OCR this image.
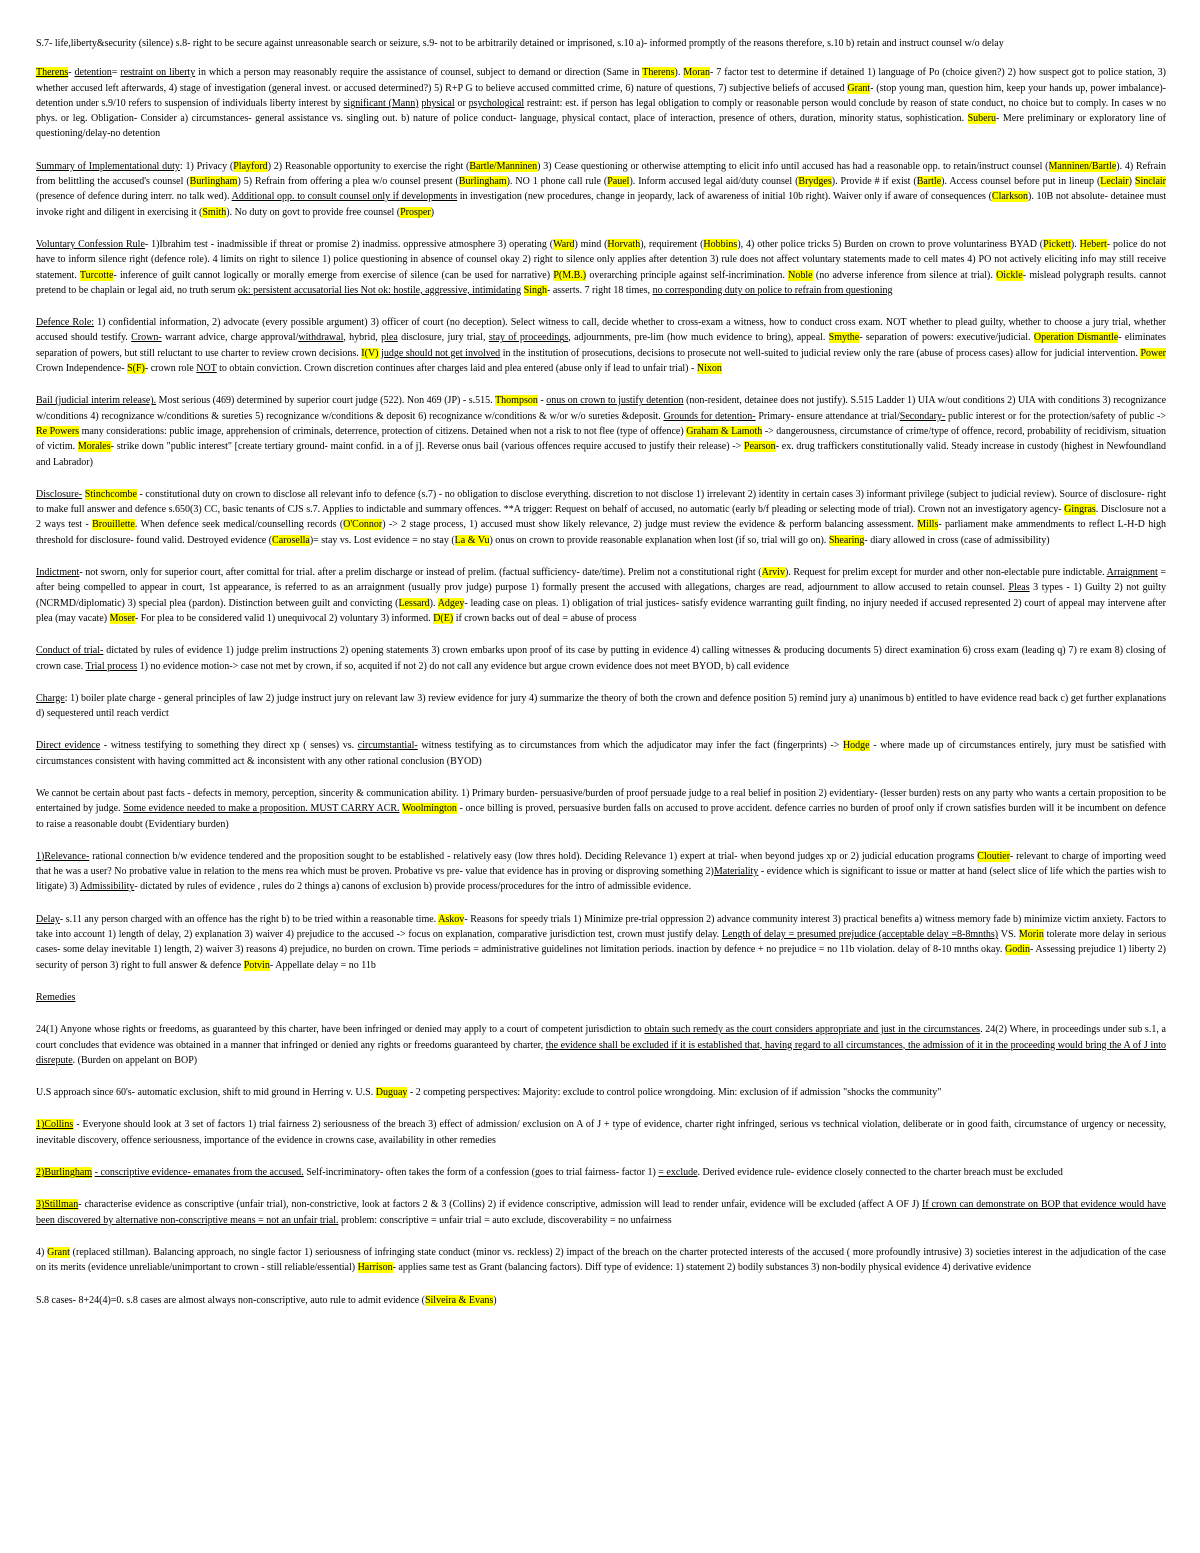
S.7- life,liberty&security (silence) s.8- right to be secure against unreasonable search or seizure, s.9- not to be arbitrarily detained or imprisoned, s.10 a)- informed promptly of the reasons therefore, s.10 b) retain and instruct counsel w/o delay

Therens- detention= restraint on liberty in which a person may reasonably require the assistance of counsel, subject to demand or direction (Same in Therens). Moran- 7 factor test to determine if detained 1) language of Po (choice given?) 2) how suspect got to police station, 3) whether accused left afterwards, 4) stage of investigation (general invest. or accused determined?) 5) R+P G to believe accused committed crime, 6) nature of questions, 7) subjective beliefs of accused Grant- (stop young man, question him, keep your hands up, power imbalance)- detention under s.9/10 refers to suspension of individuals liberty interest by significant (Mann) physical or psychological restraint: est. if person has legal obligation to comply or reasonable person would conclude by reason of state conduct, no choice but to comply. In cases w no phys. or leg. Obligation- Consider a) circumstances- general assistance vs. singling out. b) nature of police conduct- language, physical contact, place of interaction, presence of others, duration, minority status, sophistication. Suberu- Mere preliminary or exploratory line of questioning/delay-no detention

Summary of Implementational duty: 1) Privacy (Playford) 2) Reasonable opportunity to exercise the right (Bartle/Manninen) 3) Cease questioning or otherwise attempting to elicit info until accused has had a reasonable opp. to retain/instruct counsel (Manninen/Bartle). 4) Refrain from belittling the accused's counsel (Burlingham) 5) Refrain from offering a plea w/o counsel present (Burlingham). NO 1 phone call rule (Pauel). Inform accused legal aid/duty counsel (Brydges). Provide # if exist (Bartle). Access counsel before put in lineup (Leclair) Sinclair (presence of defence during interr. no talk wed). Additional opp. to consult counsel only if developments in investigation (new procedures, change in jeopardy, lack of awareness of initial 10b right). Waiver only if aware of consequences (Clarkson). 10B not absolute- detainee must invoke right and diligent in exercising it (Smith). No duty on govt to provide free counsel (Prosper)

Voluntary Confession Rule- 1)Ibrahim test - inadmissible if threat or promise 2) inadmiss. oppressive atmosphere 3) operating (Ward) mind (Horvath), requirement (Hobbins), 4) other police tricks 5) Burden on crown to prove voluntariness BYAD (Pickett). Hebert- police do not have to inform silence right (defence role). 4 limits on right to silence 1) police questioning in absence of counsel okay 2) right to silence only applies after detention 3) rule does not affect voluntary statements made to cell mates 4) PO not actively eliciting info may still receive statement. Turcotte- inference of guilt cannot logically or morally emerge from exercise of silence (can be used for narrative) P(M.B.) overarching principle against self-incrimination. Noble (no adverse inference from silence at trial). Oickle- mislead polygraph results. cannot pretend to be chaplain or legal aid, no truth serum ok: persistent accusatorial lies Not ok: hostile, aggressive, intimidating Singh- asserts. 7 right 18 times, no corresponding duty on police to refrain from questioning

Defence Role: 1) confidential information, 2) advocate (every possible argument) 3) officer of court (no deception). Select witness to call, decide whether to cross-exam a witness, how to conduct cross exam. NOT whether to plead guilty, whether to choose a jury trial, whether accused should testify. Crown- warrant advice, charge approval/withdrawal, hybrid, plea disclosure, jury trial, stay of proceedings, adjournments, pre-lim (how much evidence to bring), appeal. Smythe- separation of powers: executive/judicial. Operation Dismantle- eliminates separation of powers, but still reluctant to use charter to review crown decisions. I(V) judge should not get involved in the institution of prosecutions, decisions to prosecute not well-suited to judicial review only the rare (abuse of process cases) allow for judicial intervention. Power Crown Independence- S(F)- crown role NOT to obtain conviction. Crown discretion continues after charges laid and plea entered (abuse only if lead to unfair trial) - Nixon

Bail (judicial interim release). Most serious (469) determined by superior court judge (522). Non 469 (JP) - s.515. Thompson - onus on crown to justify detention (non-resident, detainee does not justify). S.515 Ladder 1) UIA w/out conditions 2) UIA with conditions 3) recognizance w/conditions 4) recognizance w/conditions & sureties 5) recognizance w/conditions & deposit 6) recognizance w/conditions & w/or w/o sureties &deposit. Grounds for detention- Primary- ensure attendance at trial/Secondary- public interest or for the protection/safety of public -> Re Powers many considerations: public image, apprehension of criminals, deterrence, protection of citizens. Detained when not a risk to not flee (type of offence) Graham & Lamoth -> dangerousness, circumstance of crime/type of offence, record, probability of recidivism, situation of victim. Morales- strike down "public interest" [create tertiary ground- maint confid. in a of j]. Reverse onus bail (various offences require accused to justify their release) -> Pearson- ex. drug traffickers constitutionally valid. Steady increase in custody (highest in Newfoundland and Labrador)

Disclosure- Stinchcombe - constitutional duty on crown to disclose all relevant info to defence (s.7) - no obligation to disclose everything. discretion to not disclose 1) irrelevant 2) identity in certain cases 3) informant privilege (subject to judicial review). Source of disclosure- right to make full answer and defence s.650(3) CC, basic tenants of CJS s.7. Applies to indictable and summary offences. **A trigger: Request on behalf of accused, no automatic (early b/f pleading or selecting mode of trial). Crown not an investigatory agency- Gingras. Disclosure not a 2 ways test - Brouillette. When defence seek medical/counselling records (O'Connor) -> 2 stage process, 1) accused must show likely relevance, 2) judge must review the evidence & perform balancing assessment. Mills- parliament make ammendments to reflect L-H-D high threshold for disclosure- found valid. Destroyed evidence (Carosella)= stay vs. Lost evidence = no stay (La & Vu) onus on crown to provide reasonable explanation when lost (if so, trial will go on). Shearing- diary allowed in cross (case of admissibility)

Indictment- not sworn, only for superior court, after comittal for trial. after a prelim discharge or instead of prelim. (factual sufficiency- date/time). Prelim not a constitutional right (Arviv). Request for prelim except for murder and other non-electable pure indictable. Arraignment = after being compelled to appear in court, 1st appearance, is referred to as an arraignment (usually prov judge) purpose 1) formally present the accused with allegations, charges are read, adjournment to allow accused to retain counsel. Pleas 3 types - 1) Guilty 2) not guilty (NCRMD/diplomatic) 3) special plea (pardon). Distinction between guilt and convicting (Lessard). Adgey- leading case on pleas. 1) obligation of trial justices- satisfy evidence warranting guilt finding, no injury needed if accused represented 2) court of appeal may intervene after plea (may vacate) Moser- For plea to be considered valid 1) unequivocal 2) voluntary 3) informed. D(E) if crown backs out of deal = abuse of process

Conduct of trial- dictated by rules of evidence 1) judge prelim instructions 2) opening statements 3) crown embarks upon proof of its case by putting in evidence 4) calling witnesses & producing documents 5) direct examination 6) cross exam (leading q) 7) re exam 8) closing of crown case. Trial process 1) no evidence motion-> case not met by crown, if so, acquited if not 2) do not call any evidence but argue crown evidence does not meet BYOD, b) call evidence

Charge: 1) boiler plate charge - general principles of law 2) judge instruct jury on relevant law 3) review evidence for jury 4) summarize the theory of both the crown and defence position 5) remind jury a) unanimous b) entitled to have evidence read back c) get further explanations d) sequestered until reach verdict

Direct evidence - witness testifying to something they direct xp ( senses) vs. circumstantial- witness testifying as to circumstances from which the adjudicator may infer the fact (fingerprints) -> Hodge - where made up of circumstances entirely, jury must be satisfied with circumstances consistent with having committed act & inconsistent with any other rational conclusion (BYOD)

We cannot be certain about past facts - defects in memory, perception, sincerity & communication ability. 1) Primary burden- persuasive/burden of proof persuade judge to a real belief in position 2) evidentiary- (lesser burden) rests on any party who wants a certain proposition to be entertained by judge. Some evidence needed to make a proposition. MUST CARRY ACR. Woolmington - once billing is proved, persuasive burden falls on accused to prove accident. defence carries no burden of proof only if crown satisfies burden will it be incumbent on defence to raise a reasonable doubt (Evidentiary burden)

1)Relevance- rational connection b/w evidence tendered and the proposition sought to be established - relatively easy (low thres hold). Deciding Relevance 1) expert at trial- when beyond judges xp or 2) judicial education programs Cloutier- relevant to charge of importing weed that he was a user? No probative value in relation to the mens rea which must be proven. Probative vs pre- value that evidence has in proving or disproving something 2)Materiality - evidence which is significant to issue or matter at hand (select slice of life which the parties wish to litigate) 3) Admissibility- dictated by rules of evidence , rules do 2 things a) canons of exclusion b) provide process/procedures for the intro of admissible evidence.

Delay- s.11 any person charged with an offence has the right b) to be tried within a reasonable time. Askov- Reasons for speedy trials 1) Minimize pre-trial oppression 2) advance community interest 3) practical benefits a) witness memory fade b) minimize victim anxiety. Factors to take into account 1) length of delay, 2) explanation 3) waiver 4) prejudice to the accused -> focus on explanation, comparative jurisdiction test, crown must justify delay. Length of delay = presumed prejudice (acceptable delay =8-8mnths) VS. Morin tolerate more delay in serious cases- some delay inevitable 1) length, 2) waiver 3) reasons 4) prejudice, no burden on crown. Time periods = administrative guidelines not limitation periods. inaction by defence + no prejudice = no 11b violation. delay of 8-10 mnths okay. Godin- Assessing prejudice 1) liberty 2) security of person 3) right to full answer & defence Potvin- Appellate delay = no 11b

Remedies

24(1) Anyone whose rights or freedoms, as guaranteed by this charter, have been infringed or denied may apply to a court of competent jurisdiction to obtain such remedy as the court considers appropriate and just in the circumstances. 24(2) Where, in proceedings under sub s.1, a court concludes that evidence was obtained in a manner that infringed or denied any rights or freedoms guaranteed by charter, the evidence shall be excluded if it is established that, having regard to all circumstances, the admission of it in the proceeding would bring the A of J into disrepute. (Burden on appelant on BOP)

U.S approach since 60's- automatic exclusion, shift to mid ground in Herring v. U.S. Duguay - 2 competing perspectives: Majority: exclude to control police wrongdoing. Min: exclusion of if admission "shocks the community"

1)Collins - Everyone should look at 3 set of factors 1) trial fairness 2) seriousness of the breach 3) effect of admission/ exclusion on A of J + type of evidence, charter right infringed, serious vs technical violation, deliberate or in good faith, circumstance of urgency or necessity, inevitable discovery, offence seriousness, importance of the evidence in crowns case, availability in other remedies

2)Burlingham - conscriptive evidence- emanates from the accused. Self-incriminatory- often takes the form of a confession (goes to trial fairness- factor 1) = exclude. Derived evidence rule- evidence closely connected to the charter breach must be excluded

3)Stillman- characterise evidence as conscriptive (unfair trial), non-constrictive, look at factors 2 & 3 (Collins) 2) if evidence conscriptive, admission will lead to render unfair, evidence will be excluded (affect A OF J) If crown can demonstrate on BOP that evidence would have been discovered by alternative non-conscriptive means = not an unfair trial. problem: conscriptive = unfair trial = auto exclude, discoverability = no unfairness

4) Grant (replaced stillman). Balancing approach, no single factor 1) seriousness of infringing state conduct (minor vs. reckless) 2) impact of the breach on the charter protected interests of the accused ( more profoundly intrusive) 3) societies interest in the adjudication of the case on its merits (evidence unreliable/unimportant to crown - still reliable/essential) Harrison- applies same test as Grant (balancing factors). Diff type of evidence: 1) statement 2) bodily substances 3) non-bodily physical evidence 4) derivative evidence

S.8 cases- 8+24(4)=0. s.8 cases are almost always non-conscriptive, auto rule to admit evidence (Silveira & Evans)
